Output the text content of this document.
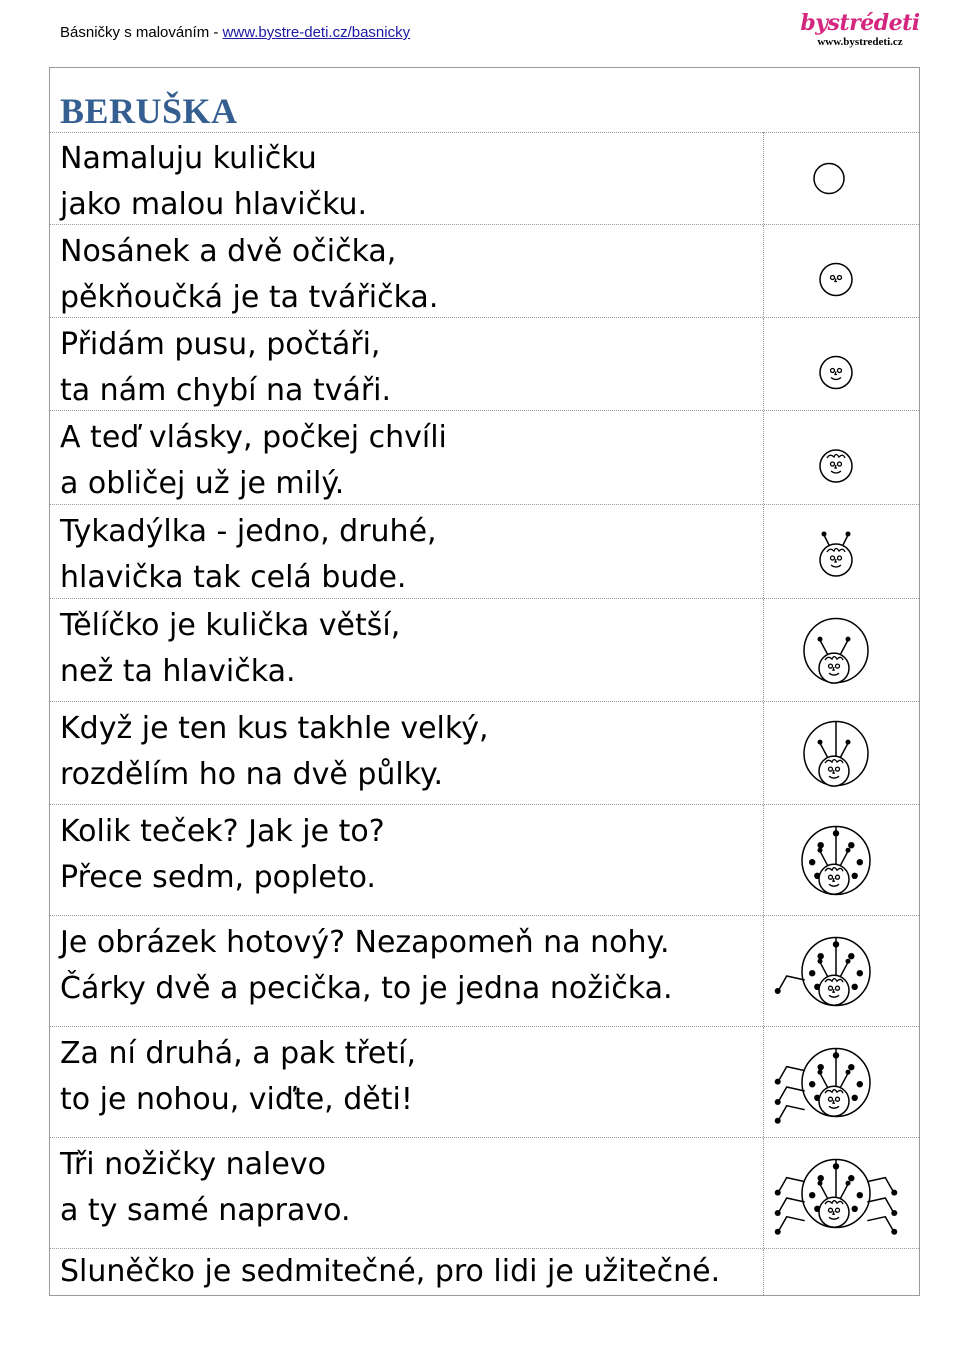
Básničky s malováním - www.bystre-deti.cz/basnicky	bystrédeti
www.bystredeti.cz
BERUŠKA
Namaluju kuličku
jako malou hlavičku.
Nosánek a dvě očička,
pěkňoučká je ta tvářička.
Přidám pusu, počtáři,
ta nám chybí na tváři.
A teď vlásky, počkej chvíli
a obličej už je milý.
Tykadýlka - jedno, druhé,
hlavička tak celá bude.
Tělíčko je kulička větší,
než ta hlavička.
Když je ten kus takhle velký,
rozdělím ho na dvě půlky.
Kolik teček? Jak je to?
Přece sedm, popleto.
Je obrázek hotový? Nezapomeň na nohy.
Čárky dvě a pecička, to je jedna nožička.
Za ní druhá, a pak třetí,
to je nohou, viďte, děti!
Tři nožičky nalevo
a ty samé napravo.
Sluněčko je sedmitečné, pro lidi je užitečné.
